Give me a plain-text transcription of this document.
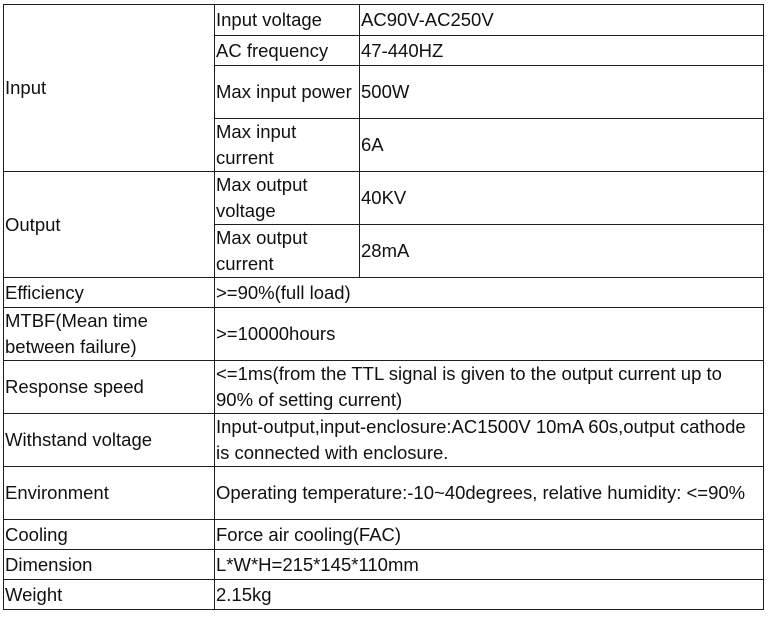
Input	Input voltage	AC90V-AC250V
	AC frequency	47-440HZ
	Max input power	500W
	Max input current	6A
Output	Max output voltage	40KV
	Max output current	28mA
Efficiency	>=90%(full load)	
MTBF(Mean time between failure)	>=10000hours	
Response speed	<=1ms(from the TTL signal is given to the output current up to 90% of setting current)	
Withstand voltage	Input-output,input-enclosure:AC1500V 10mA 60s,output cathode is connected with enclosure.	
Environment	Operating temperature:-10~40degrees, relative humidity: <=90%	
Cooling	Force air cooling(FAC)	
Dimension	L*W*H=215*145*110mm	
Weight	2.15kg	
